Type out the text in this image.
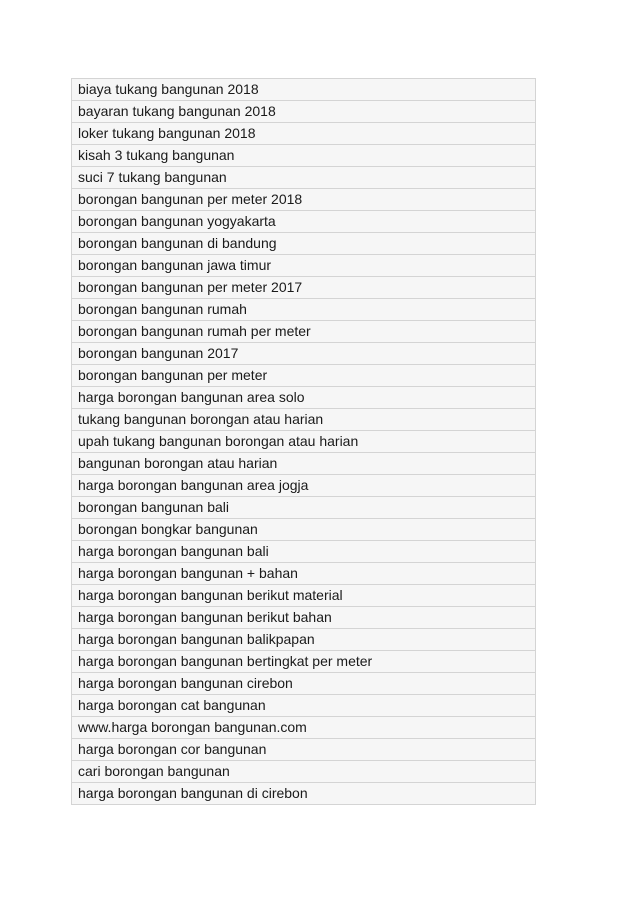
biaya tukang bangunan 2018
bayaran tukang bangunan 2018
loker tukang bangunan 2018
kisah 3 tukang bangunan
suci 7 tukang bangunan
borongan bangunan per meter 2018
borongan bangunan yogyakarta
borongan bangunan di bandung
borongan bangunan jawa timur
borongan bangunan per meter 2017
borongan bangunan rumah
borongan bangunan rumah per meter
borongan bangunan 2017
borongan bangunan per meter
harga borongan bangunan area solo
tukang bangunan borongan atau harian
upah tukang bangunan borongan atau harian
bangunan borongan atau harian
harga borongan bangunan area jogja
borongan bangunan bali
borongan bongkar bangunan
harga borongan bangunan bali
harga borongan bangunan + bahan
harga borongan bangunan berikut material
harga borongan bangunan berikut bahan
harga borongan bangunan balikpapan
harga borongan bangunan bertingkat per meter
harga borongan bangunan cirebon
harga borongan cat bangunan
www.harga borongan bangunan.com
harga borongan cor bangunan
cari borongan bangunan
harga borongan bangunan di cirebon
